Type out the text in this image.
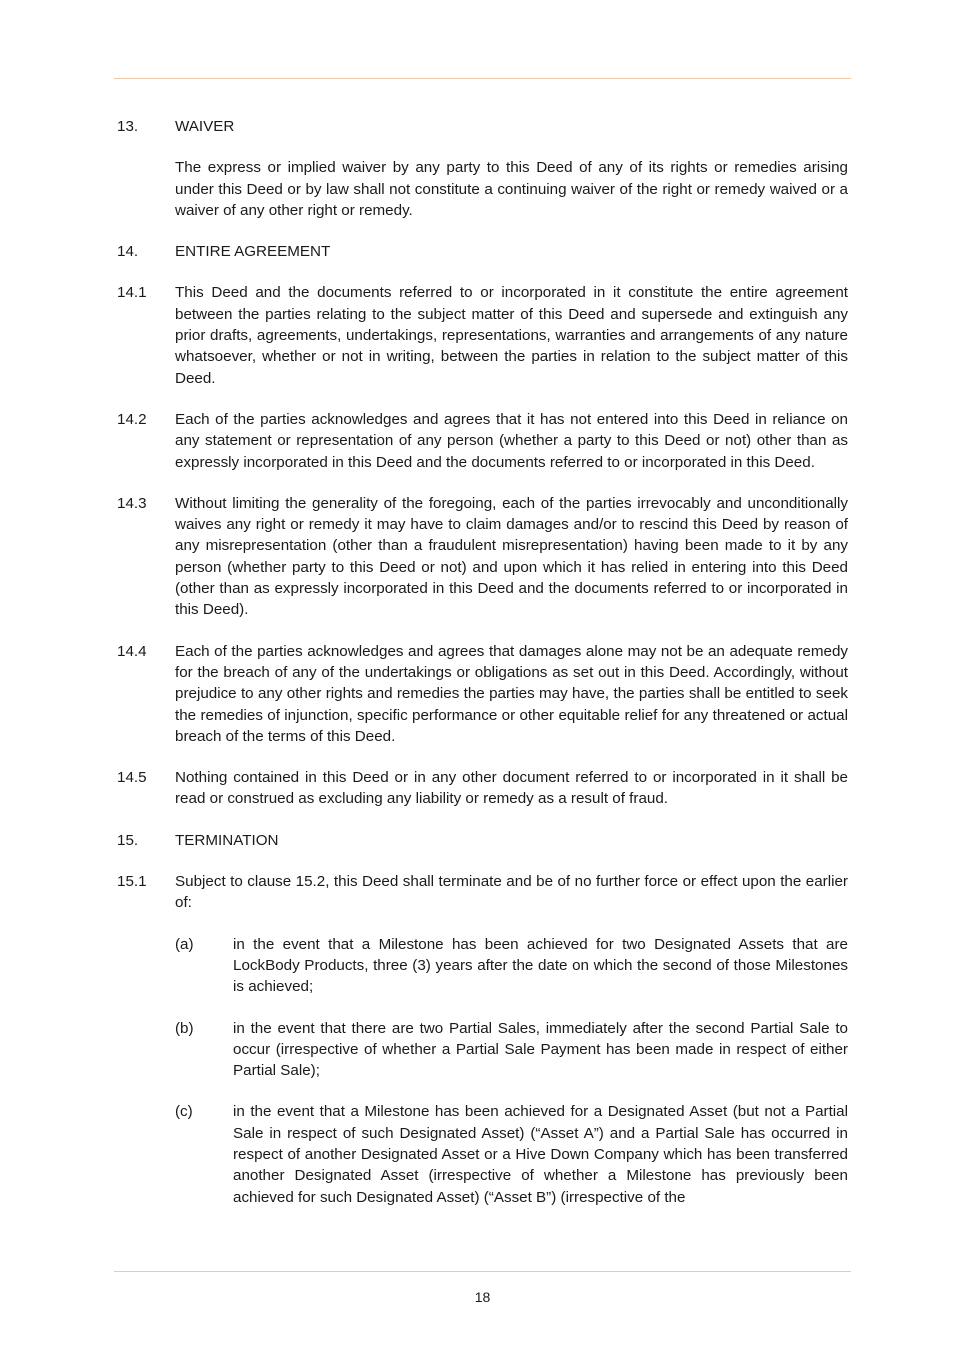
13.	WAIVER
The express or implied waiver by any party to this Deed of any of its rights or remedies arising under this Deed or by law shall not constitute a continuing waiver of the right or remedy waived or a waiver of any other right or remedy.
14.	ENTIRE AGREEMENT
14.1	This Deed and the documents referred to or incorporated in it constitute the entire agreement between the parties relating to the subject matter of this Deed and supersede and extinguish any prior drafts, agreements, undertakings, representations, warranties and arrangements of any nature whatsoever, whether or not in writing, between the parties in relation to the subject matter of this Deed.
14.2	Each of the parties acknowledges and agrees that it has not entered into this Deed in reliance on any statement or representation of any person (whether a party to this Deed or not) other than as expressly incorporated in this Deed and the documents referred to or incorporated in this Deed.
14.3	Without limiting the generality of the foregoing, each of the parties irrevocably and unconditionally waives any right or remedy it may have to claim damages and/or to rescind this Deed by reason of any misrepresentation (other than a fraudulent misrepresentation) having been made to it by any person (whether party to this Deed or not) and upon which it has relied in entering into this Deed (other than as expressly incorporated in this Deed and the documents referred to or incorporated in this Deed).
14.4	Each of the parties acknowledges and agrees that damages alone may not be an adequate remedy for the breach of any of the undertakings or obligations as set out in this Deed. Accordingly, without prejudice to any other rights and remedies the parties may have, the parties shall be entitled to seek the remedies of injunction, specific performance or other equitable relief for any threatened or actual breach of the terms of this Deed.
14.5	Nothing contained in this Deed or in any other document referred to or incorporated in it shall be read or construed as excluding any liability or remedy as a result of fraud.
15.	TERMINATION
15.1	Subject to clause 15.2, this Deed shall terminate and be of no further force or effect upon the earlier of:
(a)	in the event that a Milestone has been achieved for two Designated Assets that are LockBody Products, three (3) years after the date on which the second of those Milestones is achieved;
(b)	in the event that there are two Partial Sales, immediately after the second Partial Sale to occur (irrespective of whether a Partial Sale Payment has been made in respect of either Partial Sale);
(c)	in the event that a Milestone has been achieved for a Designated Asset (but not a Partial Sale in respect of such Designated Asset) (“Asset A”) and a Partial Sale has occurred in respect of another Designated Asset or a Hive Down Company which has been transferred another Designated Asset (irrespective of whether a Milestone has previously been achieved for such Designated Asset) (“Asset B”) (irrespective of the
18
